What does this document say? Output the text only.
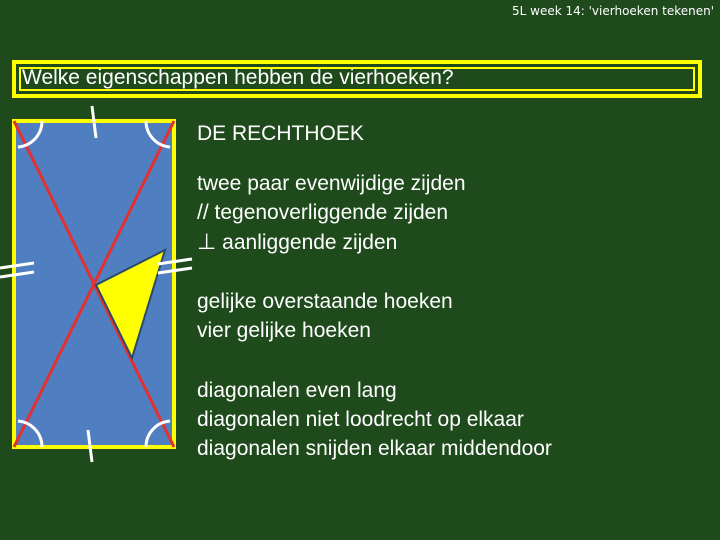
5L week 14: 'vierhoeken tekenen'
Welke eigenschappen hebben de vierhoeken?
DE RECHTHOEK
twee paar evenwijdige zijden
// tegenoverliggende zijden
⊥ aanliggende zijden
gelijke overstaande hoeken
vier gelijke hoeken
diagonalen even lang
diagonalen niet loodrecht op elkaar
diagonalen snijden elkaar middendoor
